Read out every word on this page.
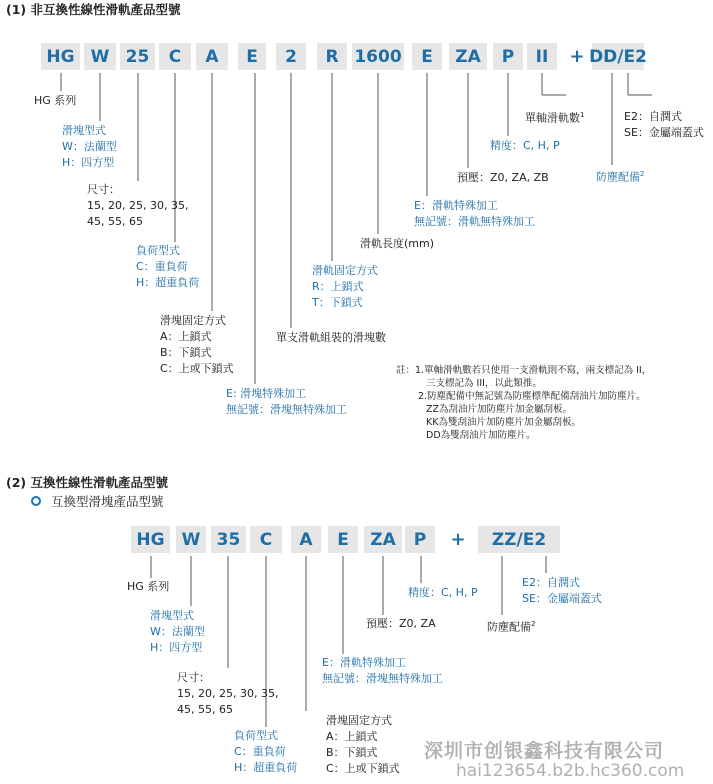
(1) 非互換性線性滑軌產品型號
HG W 25	C	A	E	2	R 1600	E	ZA	P	II	+ DD/E2
HG 系列
滑塊型式
W：法蘭型
H：四方型
尺寸：
15, 20, 25, 30, 35,
45, 55, 65
負荷型式
C：重負荷
H：超重負荷
滑塊固定方式
A：上鎖式
B：下鎖式
C：上或下鎖式
E: 滑塊特殊加工
無記號：滑塊無特殊加工
單支滑軌組裝的滑塊數
滑軌固定方式
R：上鎖式
T：下鎖式
滑軌長度(mm)
E：滑軌特殊加工
無記號：滑軌無特殊加工
預壓：Z0, ZA, ZB
精度：C, H, P
單軸滑軌數$^1$
防塵配備$^2$
E2：自潤式
SE：金屬端蓋式
註：1.單軸滑軌數若只使用一支滑軌則不寫，兩支標記為 II，
三支標記為 III，以此類推。
2.防塵配備中無記號為防塵標準配備刮油片加防塵片。
ZZ為刮油片加防塵片加金屬刮板。
KK為雙刮油片加防塵片加金屬刮板。
DD為雙刮油片加防塵片。
(2) 互換性線性滑軌產品型號
互換型滑塊產品型號
HG	W 35	C	A	E	ZA	P	+	ZZ/E2
HG 系列
滑塊型式
W：法蘭型
H：四方型
尺寸：
15, 20, 25, 30, 35,
45, 55, 65
負荷型式
C：重負荷
H：超重負荷
滑塊固定方式
A：上鎖式
B：下鎖式
C：上或下鎖式
E：滑軌特殊加工
無記號：滑塊無特殊加工
預壓：Z0, ZA
精度：C, H, P
防塵配備$^2$
E2：自潤式
SE：金屬端蓋式
深圳市创银鑫科技有限公司
hai123654.b2b.hc360.com
